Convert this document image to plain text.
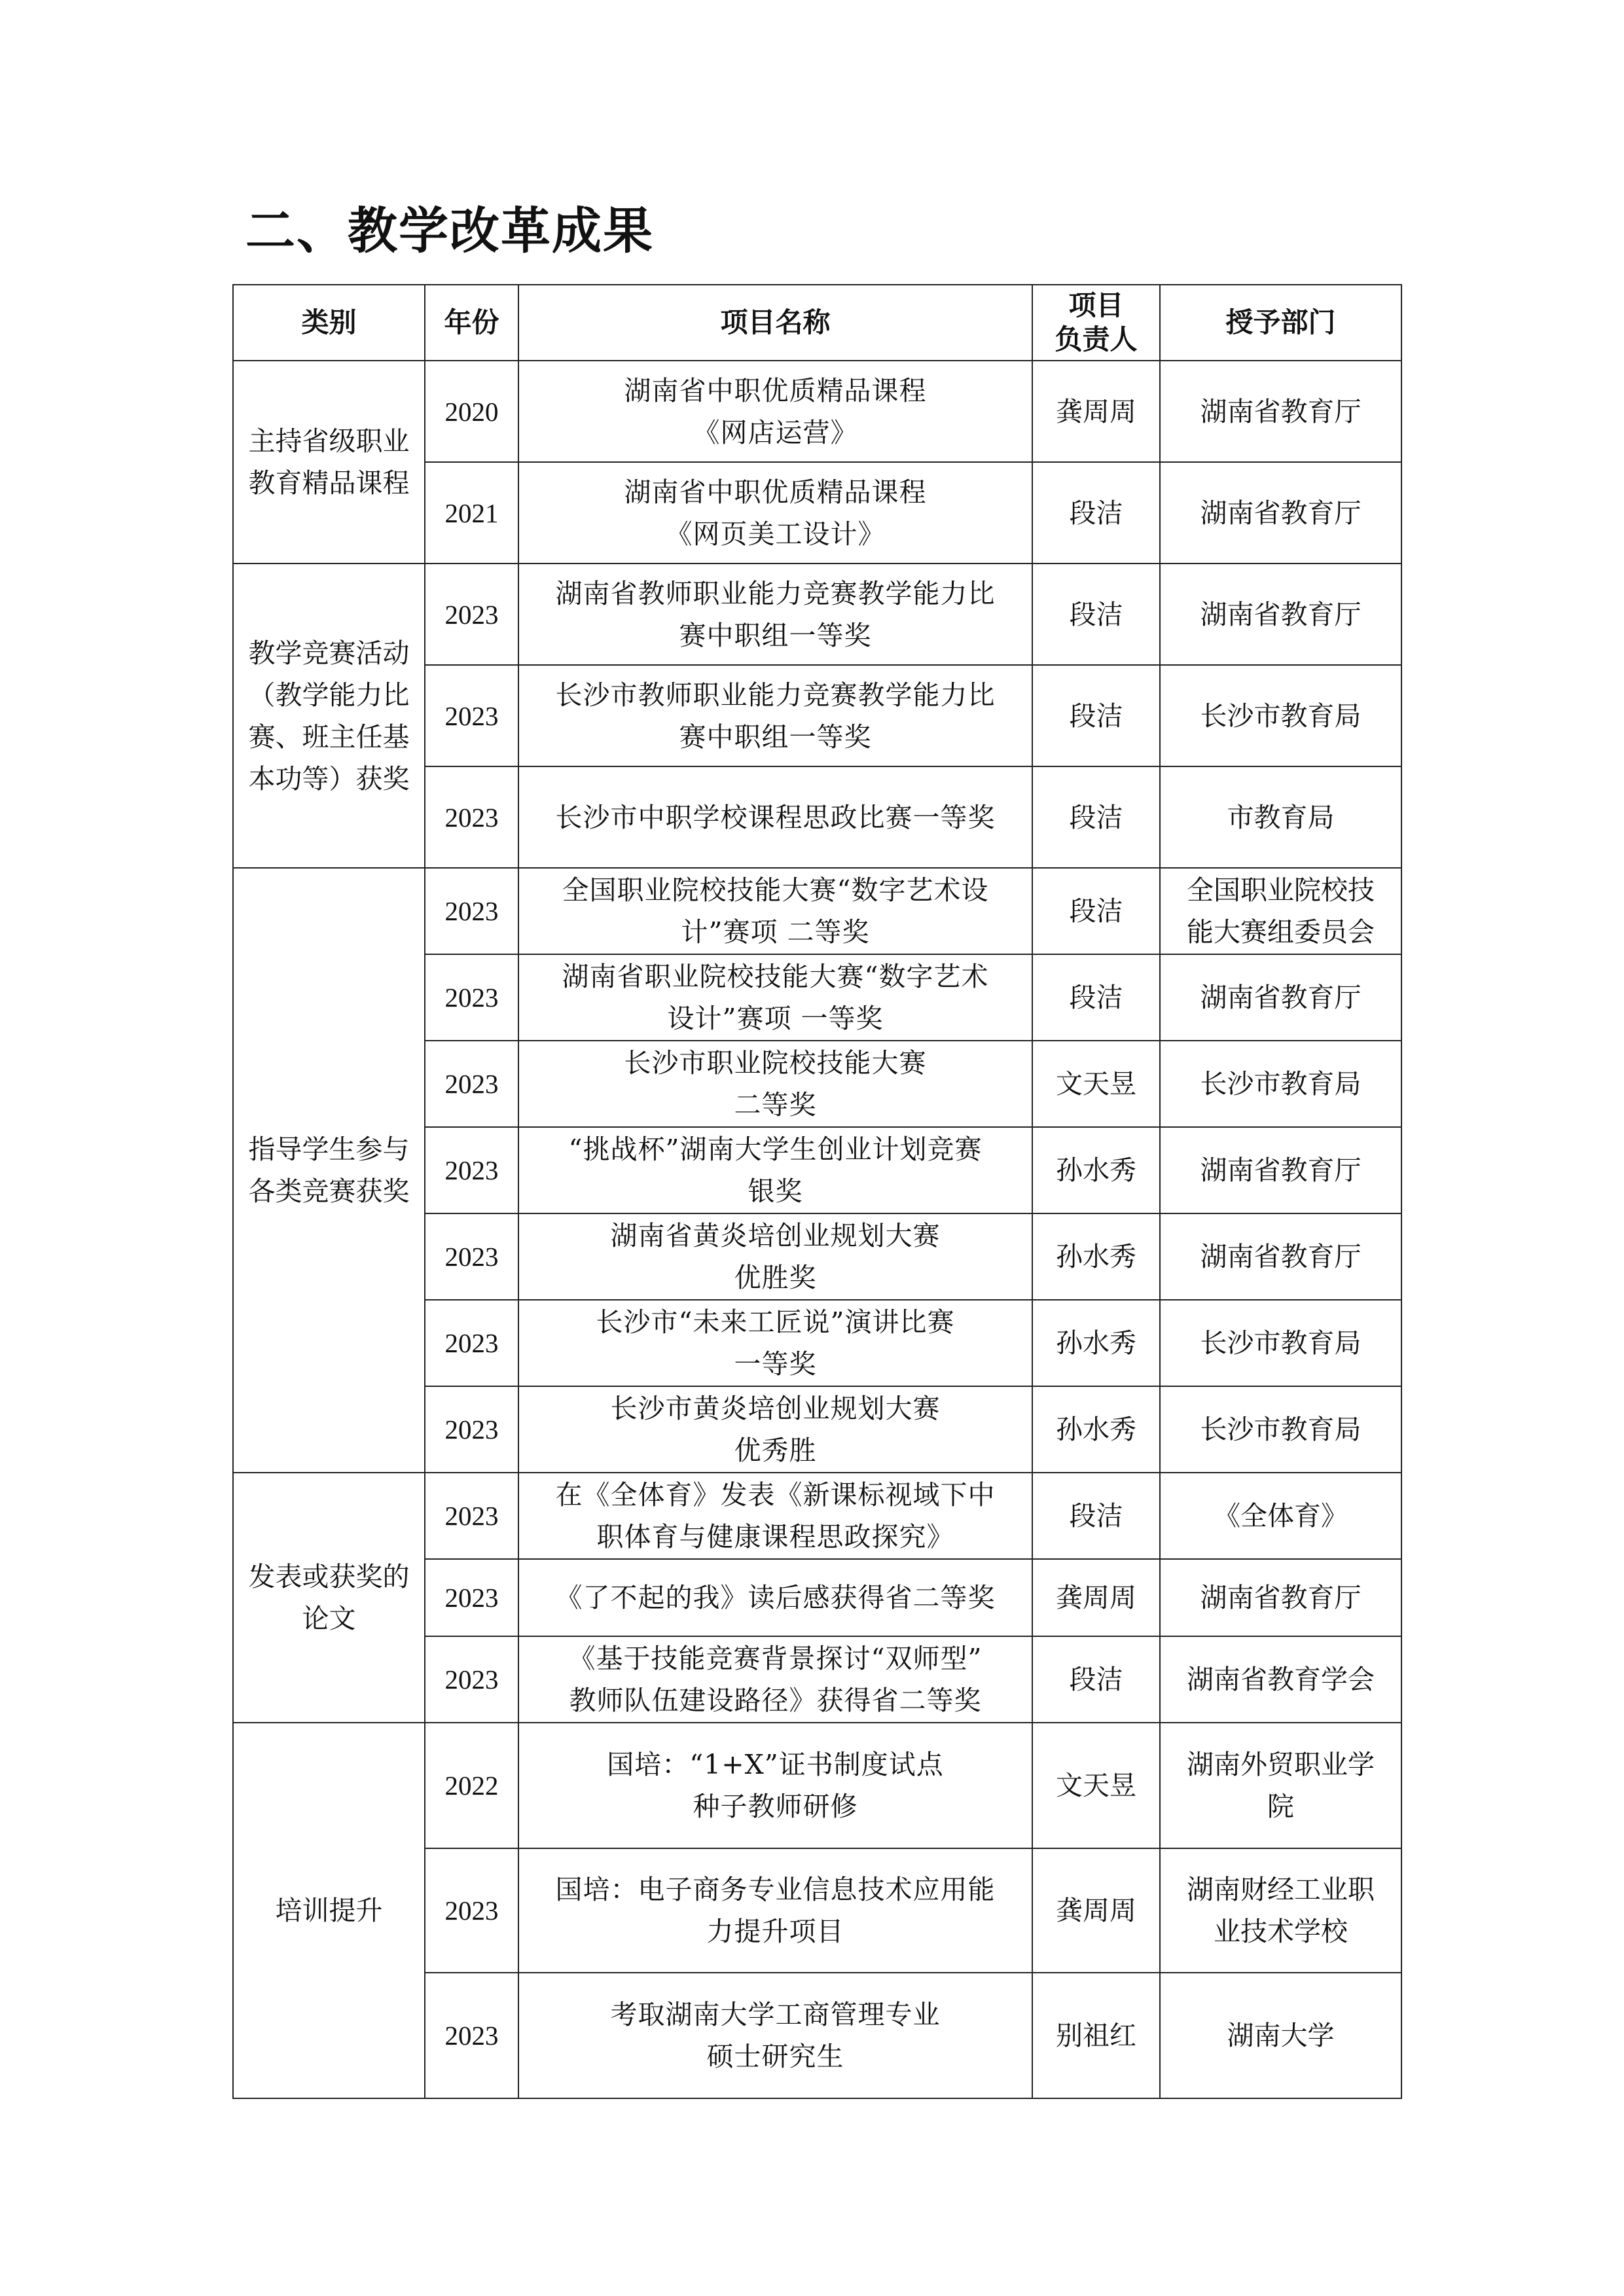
二、教学改革成果
类别	年份	项目名称	项目
负责人	授予部门
主持省级职业教育精品课程	2020	湖南省中职优质精品课程
《网店运营》	龚周周	湖南省教育厅

	2021	湖南省中职优质精品课程
《网页美工设计》	段洁	湖南省教育厅

教学竞赛活动（教学能力比赛、班主任基本功等）获奖	2023	湖南省教师职业能力竞赛教学能力比
赛中职组一等奖	段洁	湖南省教育厅

	2023	长沙市教师职业能力竞赛教学能力比
赛中职组一等奖	段洁	长沙市教育局

	2023	长沙市中职学校课程思政比赛一等奖	段洁	市教育局

指导学生参与各类竞赛获奖	2023	全国职业院校技能大赛“数字艺术设
计”赛项 二等奖	段洁	全国职业院校技
能大赛组委员会

	2023	湖南省职业院校技能大赛“数字艺术
设计”赛项 一等奖	段洁	湖南省教育厅

	2023	长沙市职业院校技能大赛
二等奖	文天昱	长沙市教育局

	2023	“挑战杯”湖南大学生创业计划竞赛
银奖	孙水秀	湖南省教育厅

	2023	湖南省黄炎培创业规划大赛
优胜奖	孙水秀	湖南省教育厅

	2023	长沙市“未来工匠说”演讲比赛
一等奖	孙水秀	长沙市教育局

	2023	长沙市黄炎培创业规划大赛
优秀胜	孙水秀	长沙市教育局

发表或获奖的论文	2023	在《全体育》发表《新课标视域下中
职体育与健康课程思政探究》	段洁	《全体育》

	2023	《了不起的我》读后感获得省二等奖	龚周周	湖南省教育厅

	2023	《基于技能竞赛背景探讨“双师型”
教师队伍建设路径》获得省二等奖	段洁	湖南省教育学会

培训提升	2022	国培：“1+X”证书制度试点
种子教师研修	文天昱	湖南外贸职业学
院

	2023	国培：电子商务专业信息技术应用能
力提升项目	龚周周	湖南财经工业职
业技术学校

	2023	考取湖南大学工商管理专业
硕士研究生	别祖红	湖南大学
